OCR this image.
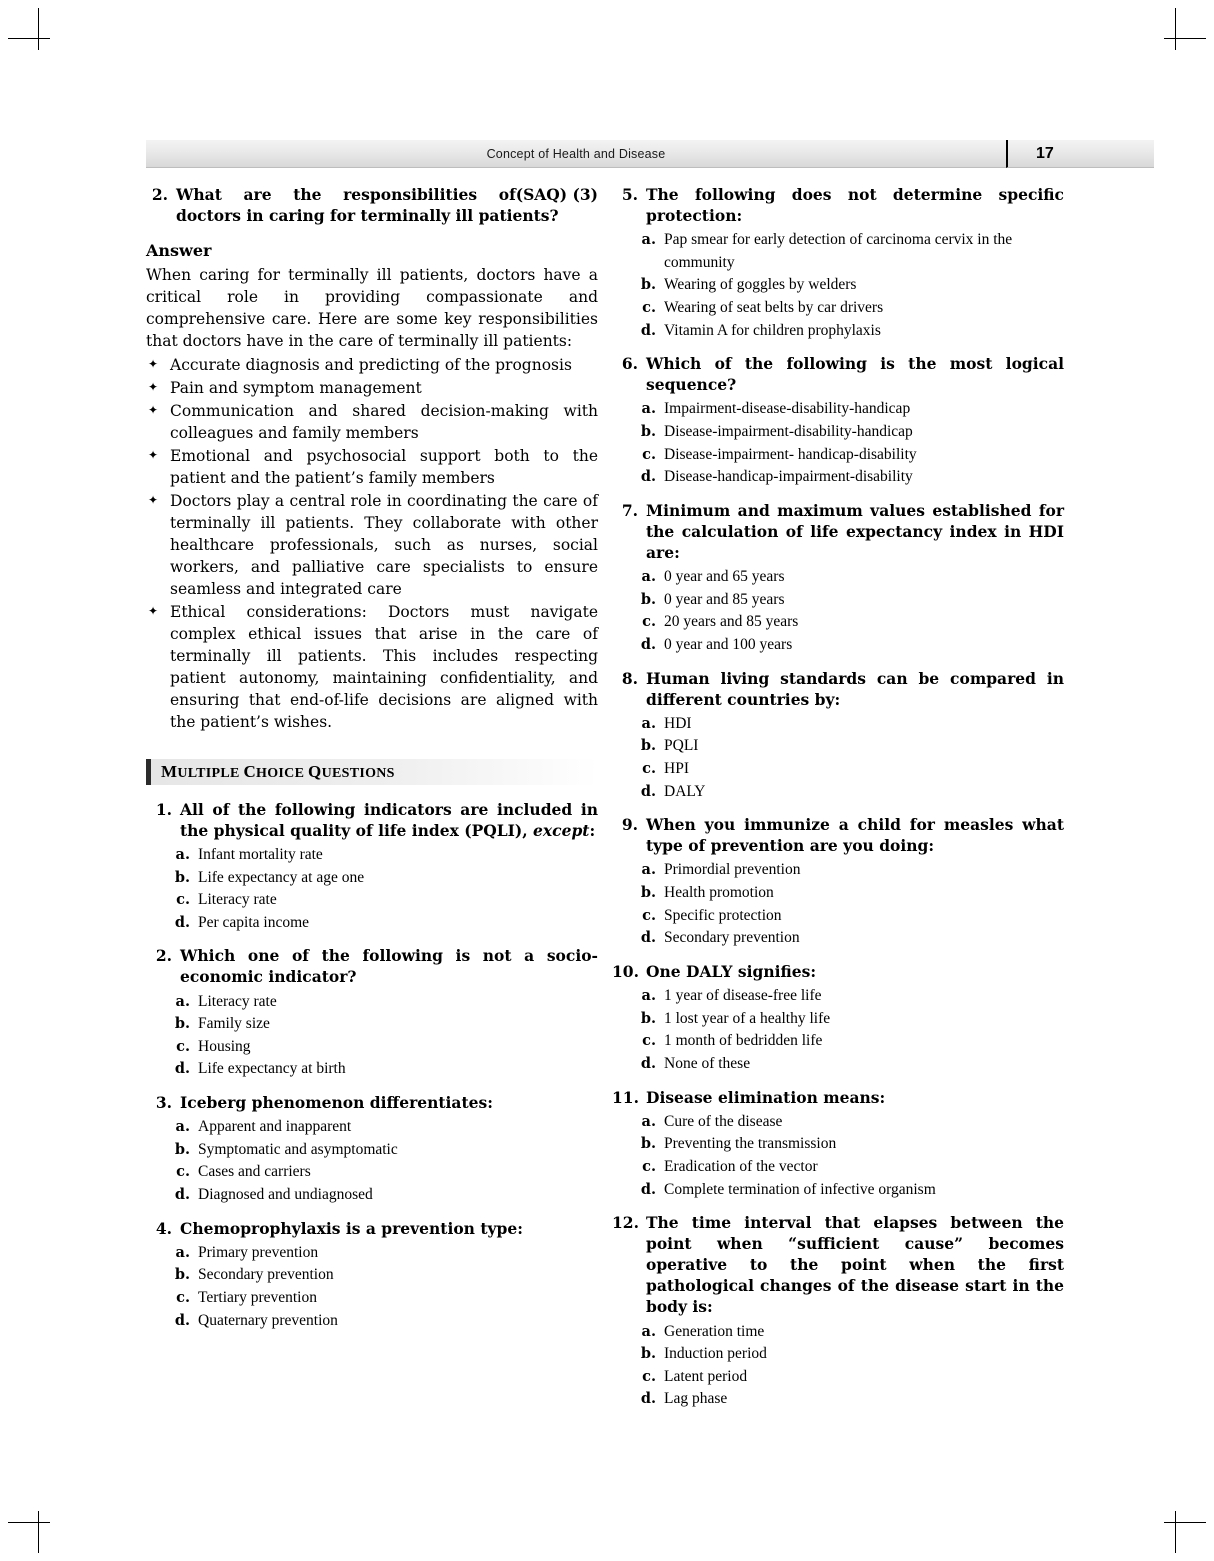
Concept of Health and Disease	17
2.	(SAQ) (3)
What are the responsibilities of doctors in caring for terminally ill patients?
Answer
When caring for terminally ill patients, doctors have a critical role in providing compassionate and comprehensive care. Here are some key responsibilities that doctors have in the care of terminally ill patients:
✦ Accurate diagnosis and predicting of the prognosis
✦ Pain and symptom management
✦ Communication and shared decision-making with colleagues and family members
✦ Emotional and psychosocial support both to the patient and the patient’s family members
✦ Doctors play a central role in coordinating the care of terminally ill patients. They collaborate with other healthcare professionals, such as nurses, social workers, and palliative care specialists to ensure seamless and integrated care
✦ Ethical considerations: Doctors must navigate complex ethical issues that arise in the care of terminally ill patients. This includes respecting patient autonomy, maintaining confidentiality, and ensuring that end-of-life decisions are aligned with the patient’s wishes.
MULTIPLE CHOICE QUESTIONS
1. All of the following indicators are included in the physical quality of life index (PQLI), except:
a. Infant mortality rate
b. Life expectancy at age one
c. Literacy rate
d. Per capita income
2. Which one of the following is not a socio-economic indicator?
a. Literacy rate
b. Family size
c. Housing
d. Life expectancy at birth
3. Iceberg phenomenon differentiates:
a. Apparent and inapparent
b. Symptomatic and asymptomatic
c. Cases and carriers
d. Diagnosed and undiagnosed
4. Chemoprophylaxis is a prevention type:
a. Primary prevention
b. Secondary prevention
c. Tertiary prevention
d. Quaternary prevention
5. The following does not determine specific protection:
a. Pap smear for early detection of carcinoma cervix in the community
b. Wearing of goggles by welders
c. Wearing of seat belts by car drivers
d. Vitamin A for children prophylaxis
6. Which of the following is the most logical sequence?
a. Impairment-disease-disability-handicap
b. Disease-impairment-disability-handicap
c. Disease-impairment- handicap-disability
d. Disease-handicap-impairment-disability
7. Minimum and maximum values established for the calculation of life expectancy index in HDI are:
a. 0 year and 65 years
b. 0 year and 85 years
c. 20 years and 85 years
d. 0 year and 100 years
8. Human living standards can be compared in different countries by:
a. HDI
b. PQLI
c. HPI
d. DALY
9. When you immunize a child for measles what type of prevention are you doing:
a. Primordial prevention
b. Health promotion
c. Specific protection
d. Secondary prevention
10. One DALY signifies:
a. 1 year of disease-free life
b. 1 lost year of a healthy life
c. 1 month of bedridden life
d. None of these
11. Disease elimination means:
a. Cure of the disease
b. Preventing the transmission
c. Eradication of the vector
d. Complete termination of infective organism
12. The time interval that elapses between the point when “sufficient cause” becomes operative to the point when the first pathological changes of the disease start in the body is:
a. Generation time
b. Induction period
c. Latent period
d. Lag phase
